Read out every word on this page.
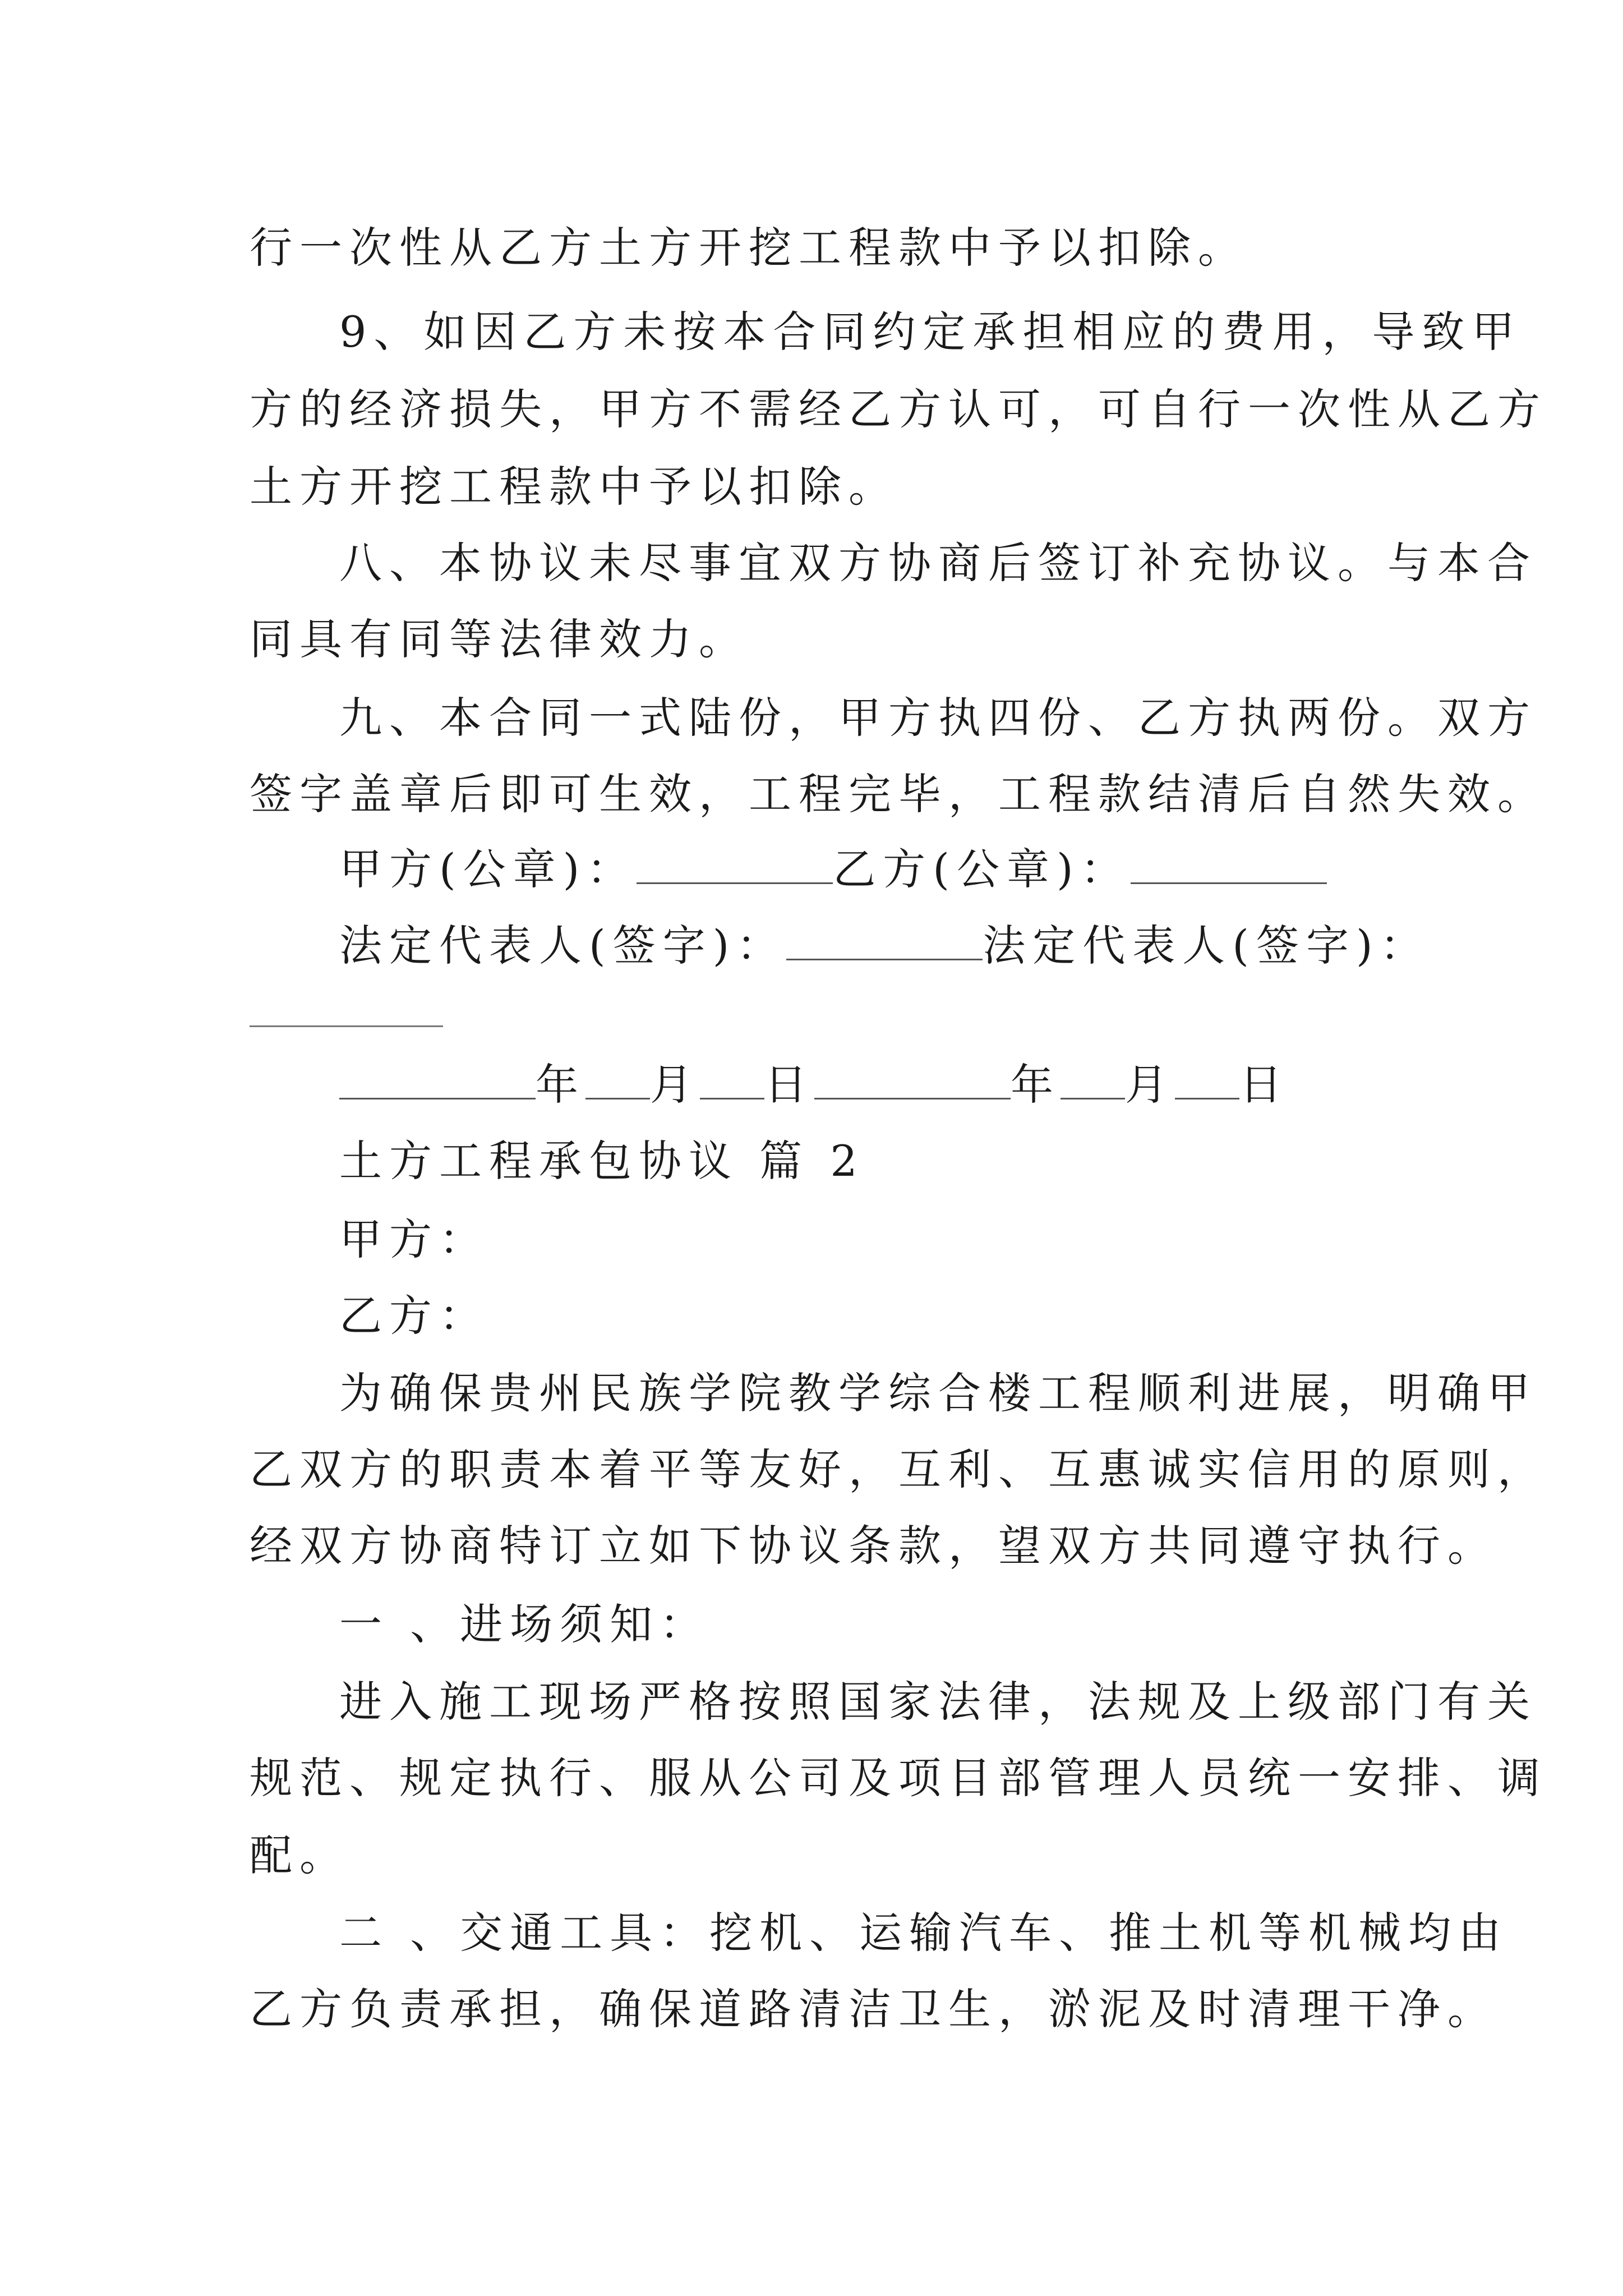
行一次性从乙方土方开挖工程款中予以扣除。
9、如因乙方未按本合同约定承担相应的费用，导致甲
方的经济损失，甲方不需经乙方认可，可自行一次性从乙方
土方开挖工程款中予以扣除。
八、本协议未尽事宜双方协商后签订补充协议。与本合
同具有同等法律效力。
九、本合同一式陆份，甲方执四份、乙方执两份。双方
签字盖章后即可生效，工程完毕，工程款结清后自然失效。
甲方(公章)：	乙方(公章)：
法定代表人(签字)：	法定代表人(签字)：
年 月 日	年 月 日
土方工程承包协议 篇 2
甲方：
乙方：
为确保贵州民族学院教学综合楼工程顺利进展，明确甲
乙双方的职责本着平等友好，互利、互惠诚实信用的原则，
经双方协商特订立如下协议条款，望双方共同遵守执行。
一 、进场须知：
进入施工现场严格按照国家法律，法规及上级部门有关
规范、规定执行、服从公司及项目部管理人员统一安排、调
配。
二 、交通工具：挖机、运输汽车、推土机等机械均由
乙方负责承担，确保道路清洁卫生，淤泥及时清理干净。
